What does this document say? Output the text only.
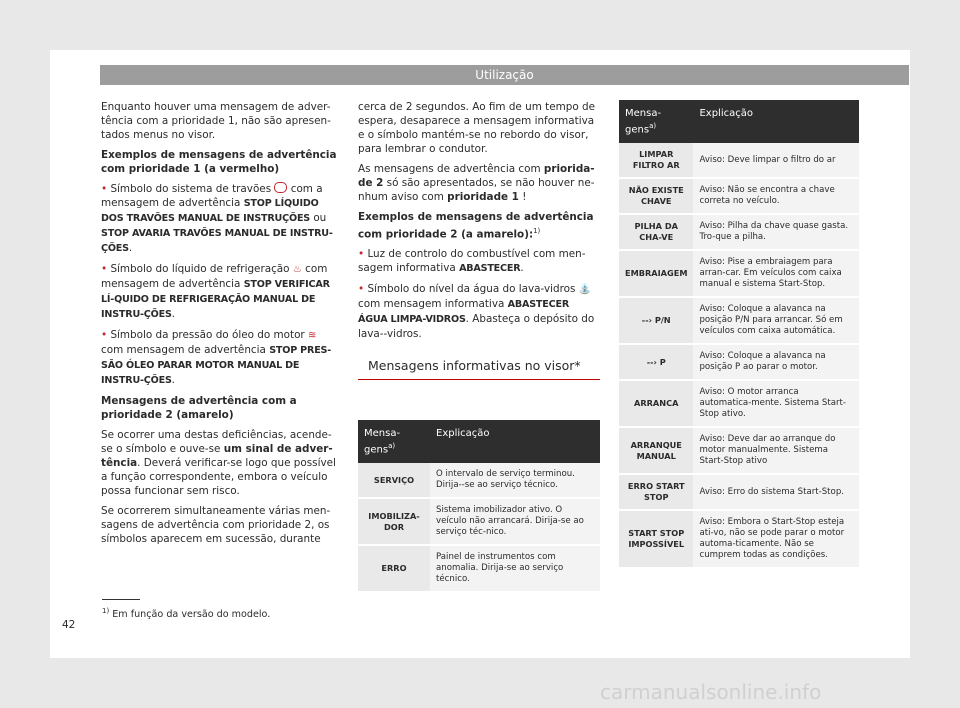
Utilização

Enquanto houver uma mensagem de adver-tência com a prioridade 1, não são apresen-tados menus no visor.

Exemplos de mensagens de advertência com prioridade 1 (a vermelho)

• Símbolo do sistema de travões com a mensagem de advertência STOP LÍQUIDO DOS TRAVÕES MANUAL DE INSTRUÇÕES ou STOP AVARIA TRAVÕES MANUAL DE INSTRU-ÇÕES.

• Símbolo do líquido de refrigeração ♨ com mensagem de advertência STOP VERIFICAR LÍ-QUIDO DE REFRIGERAÇÃO MANUAL DE INSTRU-ÇÕES.

• Símbolo da pressão do óleo do motor ≋ com mensagem de advertência STOP PRES-SÃO ÓLEO PARAR MOTOR MANUAL DE INSTRU-ÇÕES.

Mensagens de advertência com a prioridade 2 (amarelo)

Se ocorrer uma destas deficiências, acende-se o símbolo e ouve-se um sinal de adver-tência. Deverá verificar-se logo que possível a função correspondente, embora o veículo possa funcionar sem risco.

Se ocorrerem simultaneamente várias men-sagens de advertência com prioridade 2, os símbolos aparecem em sucessão, durante

cerca de 2 segundos. Ao fim de um tempo de espera, desaparece a mensagem informativa e o símbolo mantém-se no rebordo do visor, para lembrar o condutor.

As mensagens de advertência com priorida-de 2 só são apresentados, se não houver ne-nhum aviso com prioridade 1 !

Exemplos de mensagens de advertência com prioridade 2 (a amarelo):$^{1)}$

• Luz de controlo do combustível com men-sagem informativa ABASTECER.

• Símbolo do nível da água do lava-vidros ⛲ com mensagem informativa ABASTECER ÁGUA LIMPA-VIDROS. Abasteça o depósito do lava--vidros.

Mensagens informativas no visor*
Mensa-gens$^{a)}$	Explicação
SERVIÇO	O intervalo de serviço terminou. Dirija--se ao serviço técnico.
IMOBILIZA-DOR	Sistema imobilizador ativo. O veículo não arrancará. Dirija-se ao serviço téc-nico.
ERRO	Painel de instrumentos com anomalia. Dirija-se ao serviço técnico.
Mensa-gens$^{a)}$	Explicação
LIMPAR FILTRO AR	Aviso: Deve limpar o filtro do ar
NÃO EXISTE CHAVE	Aviso: Não se encontra a chave correta no veículo.
PILHA DA CHA-VE	Aviso: Pilha da chave quase gasta. Tro-que a pilha.
EMBRAIAGEM	Aviso: Pise a embraiagem para arran-car. Em veículos com caixa manual e sistema Start-Stop.
--› P/N	Aviso: Coloque a alavanca na posição P/N para arrancar. Só em veículos com caixa automática.
--› P	Aviso: Coloque a alavanca na posição P ao parar o motor.
ARRANCA	Aviso: O motor arranca automatica-mente. Sistema Start-Stop ativo.
ARRANQUE MANUAL	Aviso: Deve dar ao arranque do motor manualmente. Sistema Start-Stop ativo
ERRO START STOP	Aviso: Erro do sistema Start-Stop.
START STOP IMPOSSÍVEL	Aviso: Embora o Start-Stop esteja ati-vo, não se pode parar o motor automa-ticamente. Não se cumprem todas as condições.
$^{1)}$ Em função da versão do modelo.
42
carmanualsonline.info
